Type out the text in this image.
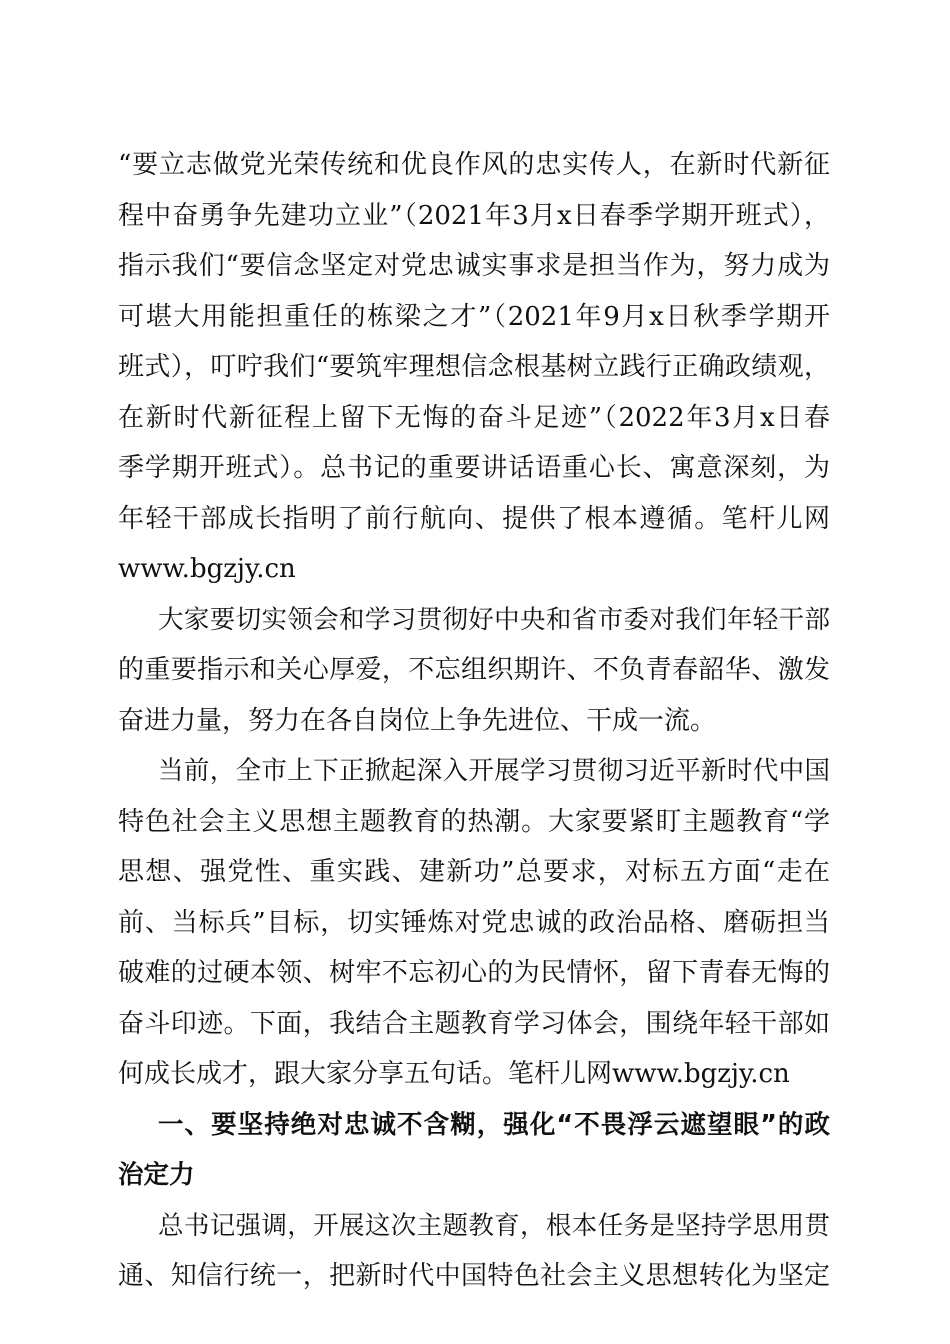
“要立志做党光荣传统和优良作风的忠实传人，在新时代新征
程中奋勇争先建功立业”（2021年3月x日春季学期开班式），
指示我们“要信念坚定对党忠诚实事求是担当作为，努力成为
可堪大用能担重任的栋梁之才”（2021年9月x日秋季学期开
班式），叮咛我们“要筑牢理想信念根基树立践行正确政绩观，
在新时代新征程上留下无悔的奋斗足迹”（2022年3月x日春
季学期开班式）。总书记的重要讲话语重心长、寓意深刻，为
年轻干部成长指明了前行航向、提供了根本遵循。笔杆儿网
www.bgzjy.cn
大家要切实领会和学习贯彻好中央和省市委对我们年轻干部
的重要指示和关心厚爱，不忘组织期许、不负青春韶华、激发
奋进力量，努力在各自岗位上争先进位、干成一流。
当前，全市上下正掀起深入开展学习贯彻习近平新时代中国
特色社会主义思想主题教育的热潮。大家要紧盯主题教育“学
思想、强党性、重实践、建新功”总要求，对标五方面“走在
前、当标兵”目标，切实锤炼对党忠诚的政治品格、磨砺担当
破难的过硬本领、树牢不忘初心的为民情怀，留下青春无悔的
奋斗印迹。下面，我结合主题教育学习体会，围绕年轻干部如
何成长成才，跟大家分享五句话。笔杆儿网www.bgzjy.cn
一、要坚持绝对忠诚不含糊，强化“不畏浮云遮望眼”的政
治定力
总书记强调，开展这次主题教育，根本任务是坚持学思用贯
通、知信行统一，把新时代中国特色社会主义思想转化为坚定
